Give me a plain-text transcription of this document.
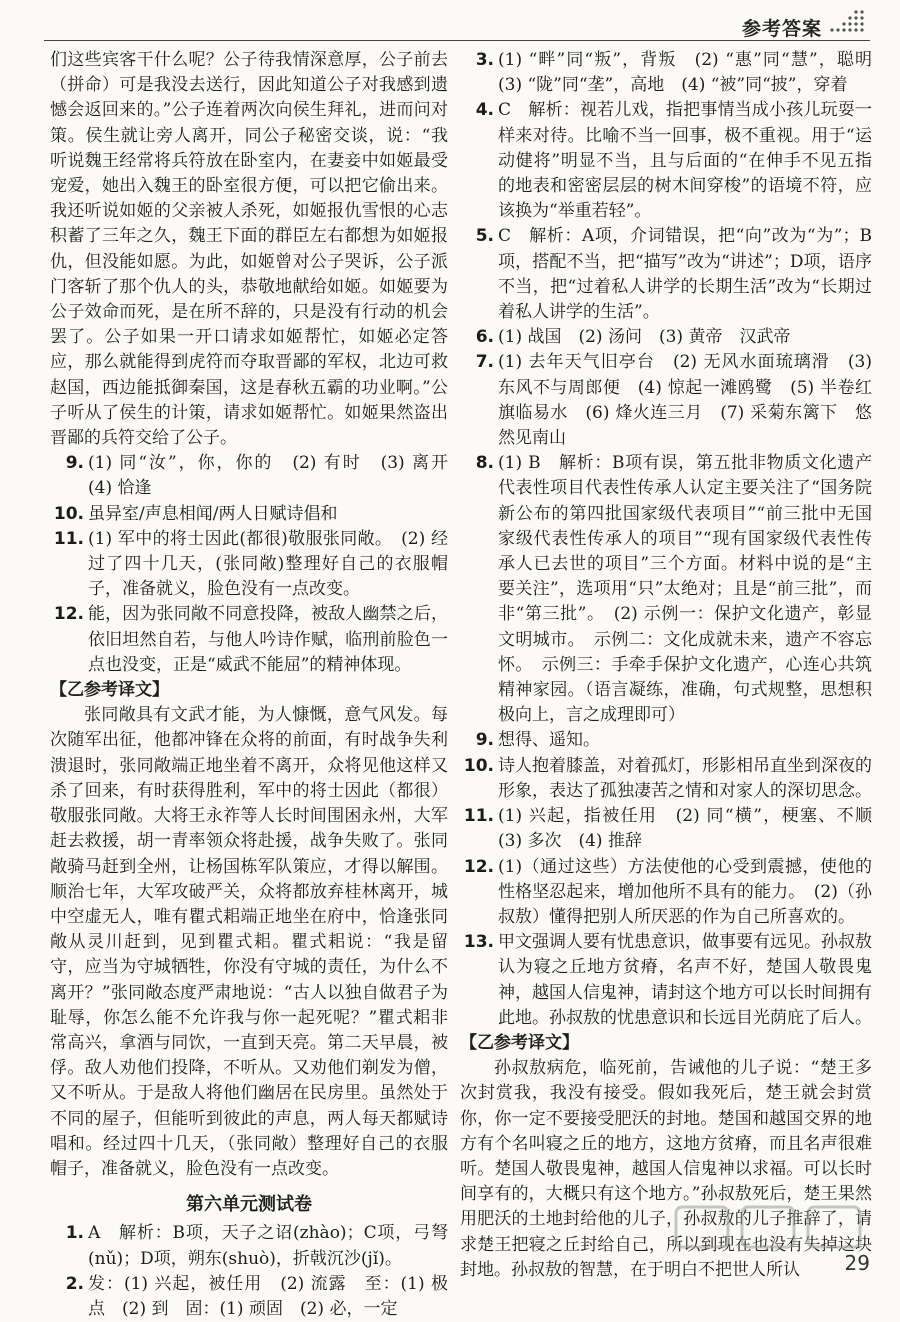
参考答案

们这些宾客干什么呢？公子待我情深意厚，公子前去（拼命）可是我没去送行，因此知道公子对我感到遗憾会返回来的。”公子连着两次向侯生拜礼，进而问对策。侯生就让旁人离开，同公子秘密交谈，说：“我听说魏王经常将兵符放在卧室内，在妻妾中如姬最受宠爱，她出入魏王的卧室很方便，可以把它偷出来。我还听说如姬的父亲被人杀死，如姬报仇雪恨的心志积蓄了三年之久，魏王下面的群臣左右都想为如姬报仇，但没能如愿。为此，如姬曾对公子哭诉，公子派门客斩了那个仇人的头，恭敬地献给如姬。如姬要为公子效命而死，是在所不辞的，只是没有行动的机会罢了。公子如果一开口请求如姬帮忙，如姬必定答应，那么就能得到虎符而夺取晋鄙的军权，北边可救赵国，西边能抵御秦国，这是春秋五霸的功业啊。”公子听从了侯生的计策，请求如姬帮忙。如姬果然盗出晋鄙的兵符交给了公子。

9. (1) 同“汝”，你，你的　(2) 有时　(3) 离开　(4) 恰逢
10. 虽异室/声息相闻/两人日赋诗倡和
11. (1) 军中的将士因此(都很)敬服张同敞。　(2) 经过了四十几天，(张同敞)整理好自己的衣服帽子，准备就义，脸色没有一点改变。
12. 能，因为张同敞不同意投降，被敌人幽禁之后，依旧坦然自若，与他人吟诗作赋，临刑前脸色一点也没变，正是“威武不能屈”的精神体现。
【乙参考译文】

张同敞具有文武才能，为人慷慨，意气风发。每次随军出征，他都冲锋在众将的前面，有时战争失利溃退时，张同敞端正地坐着不离开，众将见他这样又杀了回来，有时获得胜利，军中的将士因此（都很）敬服张同敞。大将王永祚等人长时间围困永州，大军赶去救援，胡一青率领众将赴援，战争失败了。张同敞骑马赶到全州，让杨国栋军队策应，才得以解围。顺治七年，大军攻破严关，众将都放弃桂林离开，城中空虚无人，唯有瞿式耜端正地坐在府中，恰逢张同敞从灵川赶到，见到瞿式耜。瞿式耜说：“我是留守，应当为守城牺牲，你没有守城的责任，为什么不离开？”张同敞态度严肃地说：“古人以独自做君子为耻辱，你怎么能不允许我与你一起死呢？”瞿式耜非常高兴，拿酒与同饮，一直到天亮。第二天早晨，被俘。敌人劝他们投降，不听从。又劝他们剃发为僧，又不听从。于是敌人将他们幽居在民房里。虽然处于不同的屋子，但能听到彼此的声息，两人每天都赋诗唱和。经过四十几天，（张同敞）整理好自己的衣服帽子，准备就义，脸色没有一点改变。

第六单元测试卷
1. A　解析：B项，天子之诏(zhào)；C项，弓弩(nǔ)；D项，朔东(shuò)，折戟沉沙(jǐ)。
2. 发：(1) 兴起，被任用　(2) 流露　至：(1) 极点　(2) 到　固：(1) 顽固　(2) 必，一定
3. (1) “畔”同“叛”，背叛　(2) “惠”同“慧”，聪明　(3) “陇”同“垄”，高地　(4) “被”同“披”，穿着
4. C　解析：视若儿戏，指把事情当成小孩儿玩耍一样来对待。比喻不当一回事，极不重视。用于“运动健将”明显不当，且与后面的“在伸手不见五指的地表和密密层层的树木间穿梭”的语境不符，应该换为“举重若轻”。
5. C　解析：A项，介词错误，把“向”改为“为”；B项，搭配不当，把“描写”改为“讲述”；D项，语序不当，把“过着私人讲学的长期生活”改为“长期过着私人讲学的生活”。
6. (1) 战国　(2) 汤问　(3) 黄帝　汉武帝
7. (1) 去年天气旧亭台　(2) 无风水面琉璃滑　(3) 东风不与周郎便　(4) 惊起一滩鸥鹭　(5) 半卷红旗临易水　(6) 烽火连三月　(7) 采菊东篱下　悠然见南山
8. (1) B　解析：B项有误，第五批非物质文化遗产代表性项目代表性传承人认定主要关注了“国务院新公布的第四批国家级代表项目”“前三批中无国家级代表性传承人的项目”“现有国家级代表性传承人已去世的项目”三个方面。材料中说的是“主要关注”，选项用“只”太绝对；且是“前三批”，而非“第三批”。　(2) 示例一：保护文化遗产，彰显文明城市。　示例二：文化成就未来，遗产不容忘怀。　示例三：手牵手保护文化遗产，心连心共筑精神家园。（语言凝练，准确，句式规整，思想积极向上，言之成理即可）
9. 想得、遥知。
10. 诗人抱着膝盖，对着孤灯，形影相吊直坐到深夜的形象，表达了孤独凄苦之情和对家人的深切思念。
11. (1) 兴起，指被任用　(2) 同“横”，梗塞、不顺　(3) 多次　(4) 推辞
12. (1)（通过这些）方法使他的心受到震撼，使他的性格坚忍起来，增加他所不具有的能力。　(2)（孙叔敖）懂得把别人所厌恶的作为自己所喜欢的。
13. 甲文强调人要有忧患意识，做事要有远见。孙叔敖认为寝之丘地方贫瘠，名声不好，楚国人敬畏鬼神，越国人信鬼神，请封这个地方可以长时间拥有此地。孙叔敖的忧患意识和长远目光荫庇了后人。
【乙参考译文】

孙叔敖病危，临死前，告诫他的儿子说：“楚王多次封赏我，我没有接受。假如我死后，楚王就会封赏你，你一定不要接受肥沃的封地。楚国和越国交界的地方有个名叫寝之丘的地方，这地方贫瘠，而且名声很难听。楚国人敬畏鬼神，越国人信鬼神以求福。可以长时间享有的，大概只有这个地方。”孙叔敖死后，楚王果然用肥沃的土地封给他的儿子，孙叔敖的儿子推辞了，请求楚王把寝之丘封给自己，所以到现在也没有失掉这块封地。孙叔敖的智慧，在于明白不把世人所认	29
